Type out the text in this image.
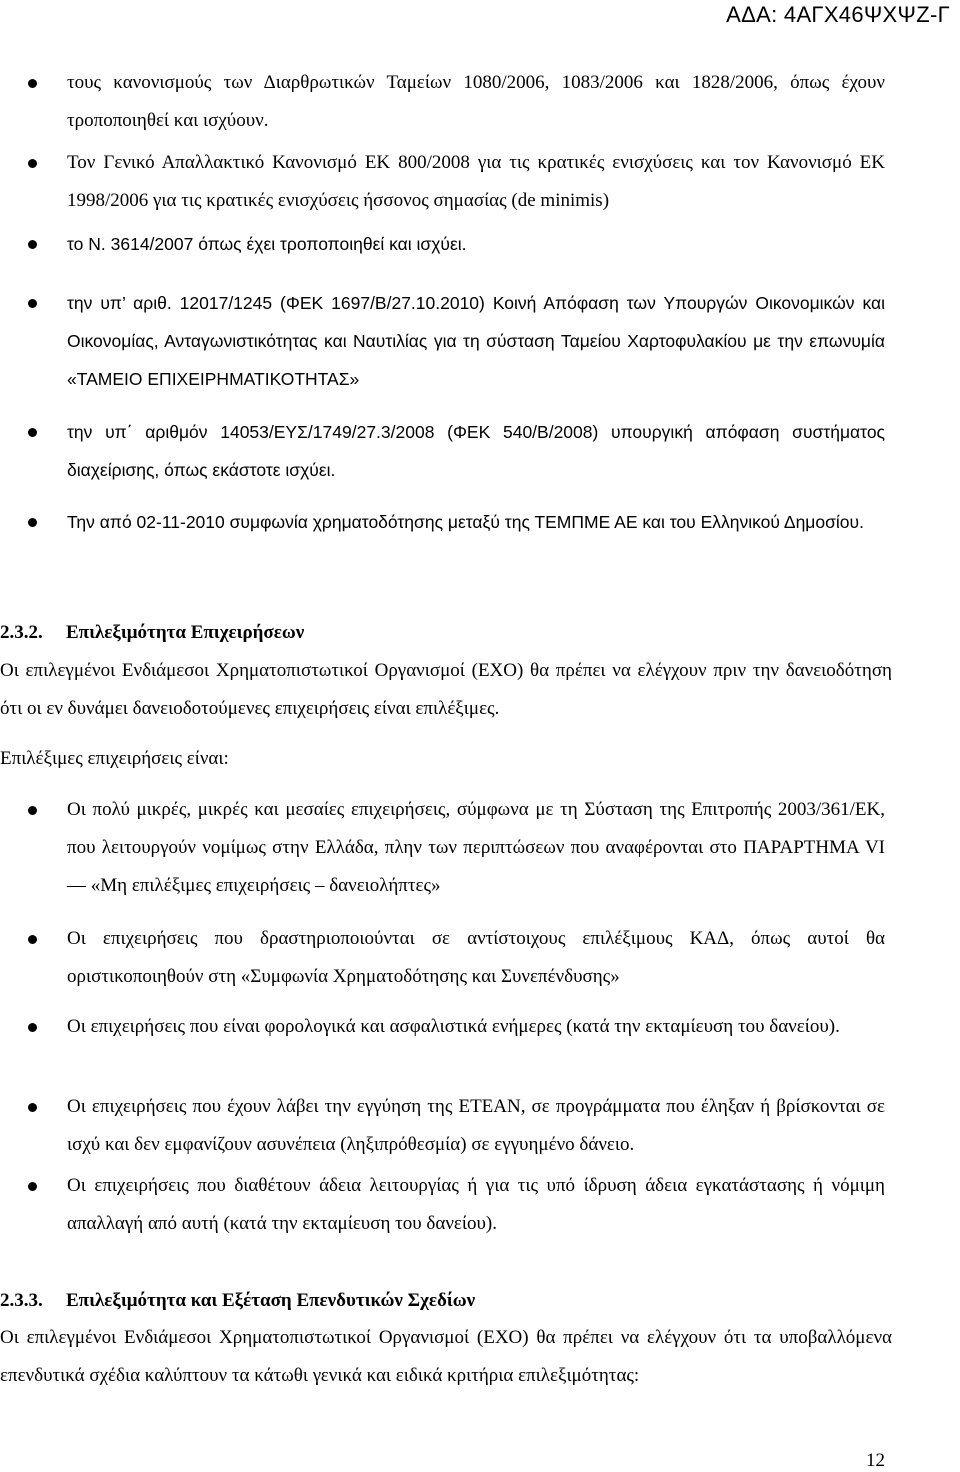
ΑΔΑ: 4ΑΓΧ46ΨΧΨΖ-Γ

τους κανονισμούς των Διαρθρωτικών Ταμείων 1080/2006, 1083/2006 και 1828/2006, όπως έχουν τροποποιηθεί και ισχύουν.

Τον Γενικό Απαλλακτικό Κανονισμό ΕΚ 800/2008 για τις κρατικές ενισχύσεις και τον Κανονισμό ΕΚ 1998/2006 για τις κρατικές ενισχύσεις ήσσονος σημασίας (de minimis)

το Ν. 3614/2007 όπως έχει τροποποιηθεί και ισχύει.

την υπ’ αριθ. 12017/1245 (ΦΕΚ 1697/Β/27.10.2010) Κοινή Απόφαση των Υπουργών Οικονομικών και Οικονομίας, Ανταγωνιστικότητας και Ναυτιλίας για τη σύσταση Ταμείου Χαρτοφυλακίου με την επωνυμία «ΤΑΜΕΙΟ ΕΠΙΧΕΙΡΗΜΑΤΙΚΟΤΗΤΑΣ»

την υπ΄ αριθμόν 14053/ΕΥΣ/1749/27.3/2008 (ΦΕΚ 540/Β/2008) υπουργική απόφαση συστήματος διαχείρισης, όπως εκάστοτε ισχύει.

Την από 02-11-2010 συμφωνία χρηματοδότησης μεταξύ της ΤΕΜΠΜΕ ΑΕ και του Ελληνικού Δημοσίου.

2.3.2. Επιλεξιμότητα Επιχειρήσεων

Οι επιλεγμένοι Ενδιάμεσοι Χρηματοπιστωτικοί Οργανισμοί (ΕΧΟ) θα πρέπει να ελέγχουν πριν την δανειοδότηση ότι οι εν δυνάμει δανειοδοτούμενες επιχειρήσεις είναι επιλέξιμες.

Επιλέξιμες επιχειρήσεις είναι:

Οι πολύ μικρές, μικρές και μεσαίες επιχειρήσεις, σύμφωνα με τη Σύσταση της Επιτροπής 2003/361/ΕΚ, που λειτουργούν νομίμως στην Ελλάδα, πλην των περιπτώσεων που αναφέρονται στο ΠΑΡΑΡΤΗΜΑ VI — «Μη επιλέξιμες επιχειρήσεις – δανειολήπτες»

Οι επιχειρήσεις που δραστηριοποιούνται σε αντίστοιχους επιλέξιμους ΚΑΔ, όπως αυτοί θα οριστικοποιηθούν στη «Συμφωνία Χρηματοδότησης και Συνεπένδυσης»

Οι επιχειρήσεις που είναι φορολογικά και ασφαλιστικά ενήμερες (κατά την εκταμίευση του δανείου).

Οι επιχειρήσεις που έχουν λάβει την εγγύηση της ΕΤΕΑΝ, σε προγράμματα που έληξαν ή βρίσκονται σε ισχύ και δεν εμφανίζουν ασυνέπεια (ληξιπρόθεσμία) σε εγγυημένο δάνειο.

Οι επιχειρήσεις που διαθέτουν άδεια λειτουργίας ή για τις υπό ίδρυση άδεια εγκατάστασης ή νόμιμη απαλλαγή από αυτή (κατά την εκταμίευση του δανείου).

2.3.3. Επιλεξιμότητα και Εξέταση Επενδυτικών Σχεδίων

Οι επιλεγμένοι Ενδιάμεσοι Χρηματοπιστωτικοί Οργανισμοί (ΕΧΟ) θα πρέπει να ελέγχουν ότι τα υποβαλλόμενα επενδυτικά σχέδια καλύπτουν τα κάτωθι γενικά και ειδικά κριτήρια επιλεξιμότητας:

12
